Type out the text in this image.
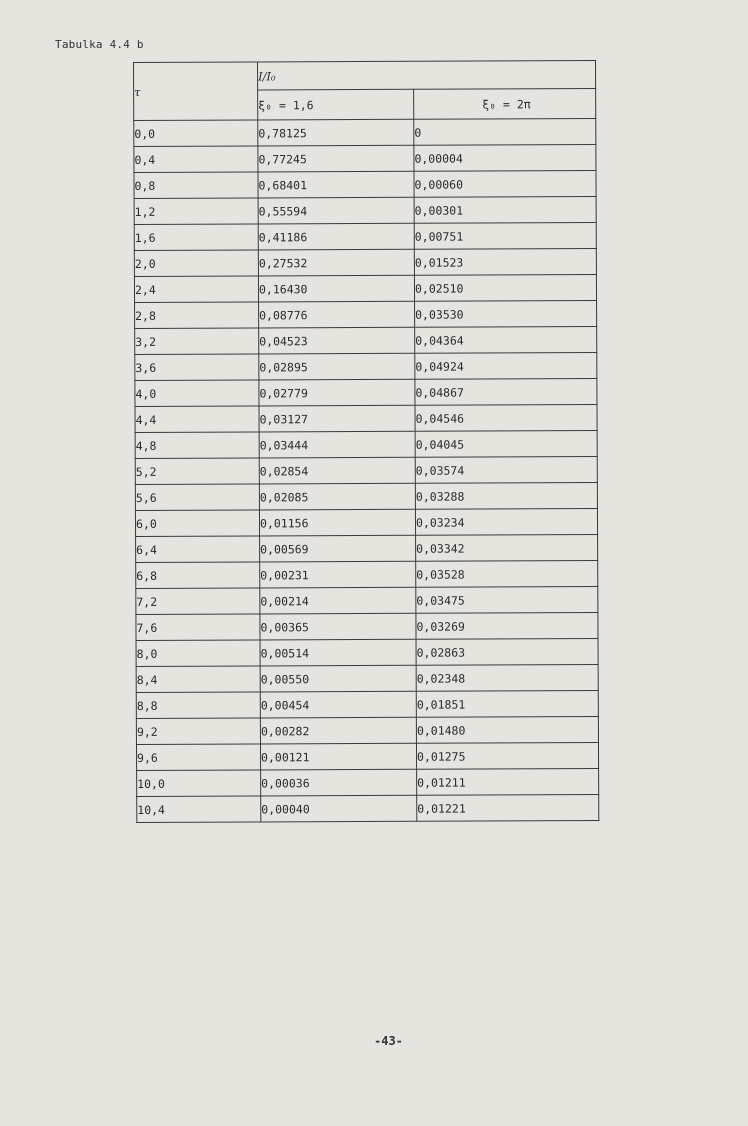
Tabulka 4.4 b
τ	I/I₀	
	ξ₀ = 1,6	ξ₀ = 2π
0,0	0,78125	0
0,4	0,77245	0,00004
0,8	0,68401	0,00060
1,2	0,55594	0,00301
1,6	0,41186	0,00751
2,0	0,27532	0,01523
2,4	0,16430	0,02510
2,8	0,08776	0,03530
3,2	0,04523	0,04364
3,6	0,02895	0,04924
4,0	0,02779	0,04867
4,4	0,03127	0,04546
4,8	0,03444	0,04045
5,2	0,02854	0,03574
5,6	0,02085	0,03288
6,0	0,01156	0,03234
6,4	0,00569	0,03342
6,8	0,00231	0,03528
7,2	0,00214	0,03475
7,6	0,00365	0,03269
8,0	0,00514	0,02863
8,4	0,00550	0,02348
8,8	0,00454	0,01851
9,2	0,00282	0,01480
9,6	0,00121	0,01275
10,0	0,00036	0,01211
10,4	0,00040	0,01221
-43-
